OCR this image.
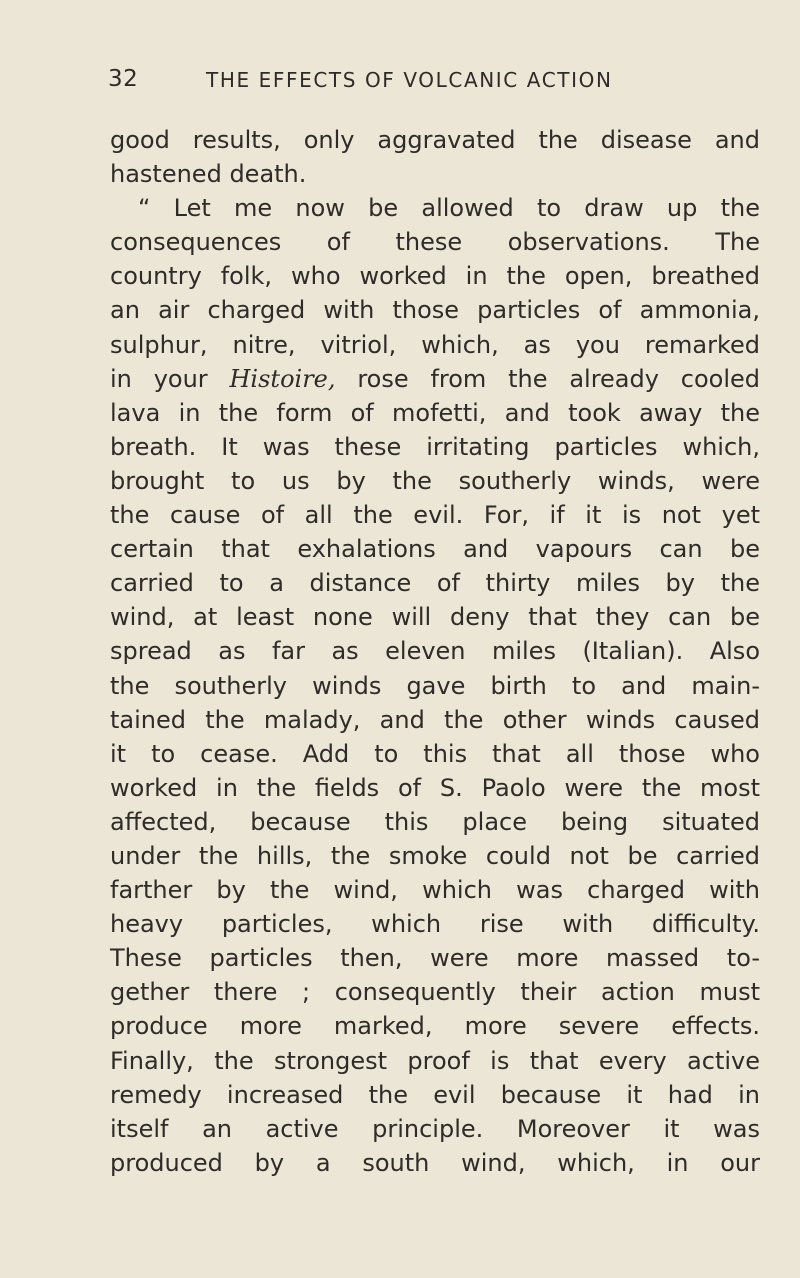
32	THE EFFECTS OF VOLCANIC ACTION
good results, only aggravated the disease and
hastened death.
“ Let me now be allowed to draw up the
consequences of these observations. The
country folk, who worked in the open, breathed
an air charged with those particles of ammonia,
sulphur, nitre, vitriol, which, as you remarked
in your Histoire, rose from the already cooled
lava in the form of mofetti, and took away the
breath. It was these irritating particles which,
brought to us by the southerly winds, were
the cause of all the evil. For, if it is not yet
certain that exhalations and vapours can be
carried to a distance of thirty miles by the
wind, at least none will deny that they can be
spread as far as eleven miles (Italian). Also
the southerly winds gave birth to and main-
tained the malady, and the other winds caused
it to cease. Add to this that all those who
worked in the fields of S. Paolo were the most
affected, because this place being situated
under the hills, the smoke could not be carried
farther by the wind, which was charged with
heavy particles, which rise with difficulty.
These particles then, were more massed to-
gether there ; consequently their action must
produce more marked, more severe effects.
Finally, the strongest proof is that every active
remedy increased the evil because it had in
itself an active principle. Moreover it was
produced by a south wind, which, in our
